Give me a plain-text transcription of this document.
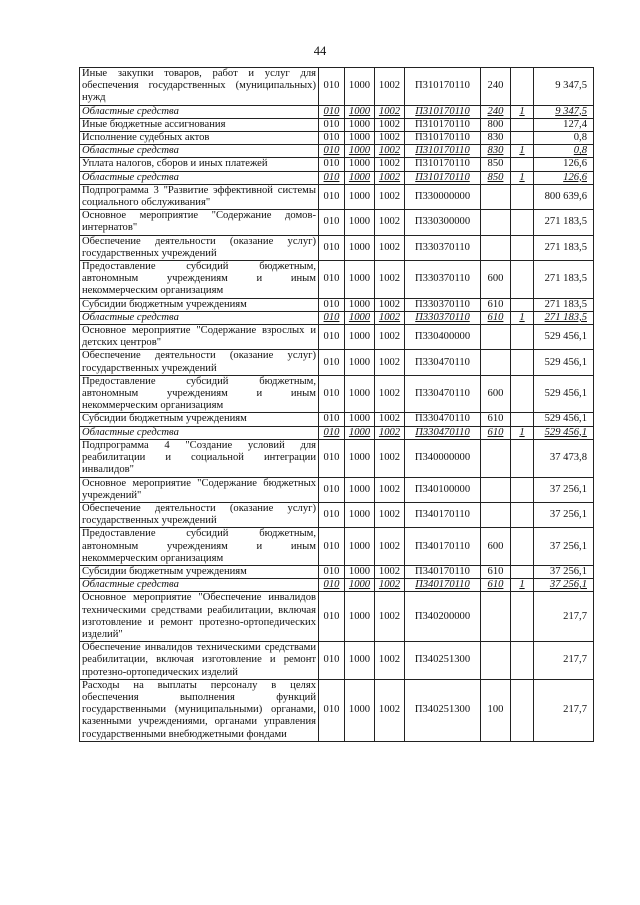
44
Иные закупки товаров, работ и услуг для обеспечения государственных (муниципальных) нужд	010	1000	1002	П310170110	240		9 347,5
Областные средства	010	1000	1002	П310170110	240	1	9 347,5
Иные бюджетные ассигнования	010	1000	1002	П310170110	800		127,4
Исполнение судебных актов	010	1000	1002	П310170110	830		0,8
Областные средства	010	1000	1002	П310170110	830	1	0,8
Уплата налогов, сборов и иных платежей	010	1000	1002	П310170110	850		126,6
Областные средства	010	1000	1002	П310170110	850	1	126,6
Подпрограмма 3 "Развитие эффективной системы социального обслуживания"	010	1000	1002	П330000000			800 639,6
Основное мероприятие "Содержание домов-интернатов"	010	1000	1002	П330300000			271 183,5
Обеспечение деятельности (оказание услуг) государственных учреждений	010	1000	1002	П330370110			271 183,5
Предоставление субсидий бюджетным, автономным учреждениям и иным некоммерческим организациям	010	1000	1002	П330370110	600		271 183,5
Субсидии бюджетным учреждениям	010	1000	1002	П330370110	610		271 183,5
Областные средства	010	1000	1002	П330370110	610	1	271 183,5
Основное мероприятие "Содержание взрослых и детских центров"	010	1000	1002	П330400000			529 456,1
Обеспечение деятельности (оказание услуг) государственных учреждений	010	1000	1002	П330470110			529 456,1
Предоставление субсидий бюджетным, автономным учреждениям и иным некоммерческим организациям	010	1000	1002	П330470110	600		529 456,1
Субсидии бюджетным учреждениям	010	1000	1002	П330470110	610		529 456,1
Областные средства	010	1000	1002	П330470110	610	1	529 456,1
Подпрограмма 4 "Создание условий для реабилитации и социальной интеграции инвалидов"	010	1000	1002	П340000000			37 473,8
Основное мероприятие "Содержание бюджетных учреждений"	010	1000	1002	П340100000			37 256,1
Обеспечение деятельности (оказание услуг) государственных учреждений	010	1000	1002	П340170110			37 256,1
Предоставление субсидий бюджетным, автономным учреждениям и иным некоммерческим организациям	010	1000	1002	П340170110	600		37 256,1
Субсидии бюджетным учреждениям	010	1000	1002	П340170110	610		37 256,1
Областные средства	010	1000	1002	П340170110	610	1	37 256,1
Основное мероприятие "Обеспечение инвалидов техническими средствами реабилитации, включая изготовление и ремонт протезно-ортопедических изделий"	010	1000	1002	П340200000			217,7
Обеспечение инвалидов техническими средствами реабилитации, включая изготовление и ремонт протезно-ортопедических изделий	010	1000	1002	П340251300			217,7
Расходы на выплаты персоналу в целях обеспечения выполнения функций государственными (муниципальными) органами, казенными учреждениями, органами управления государственными внебюджетными фондами	010	1000	1002	П340251300	100		217,7
